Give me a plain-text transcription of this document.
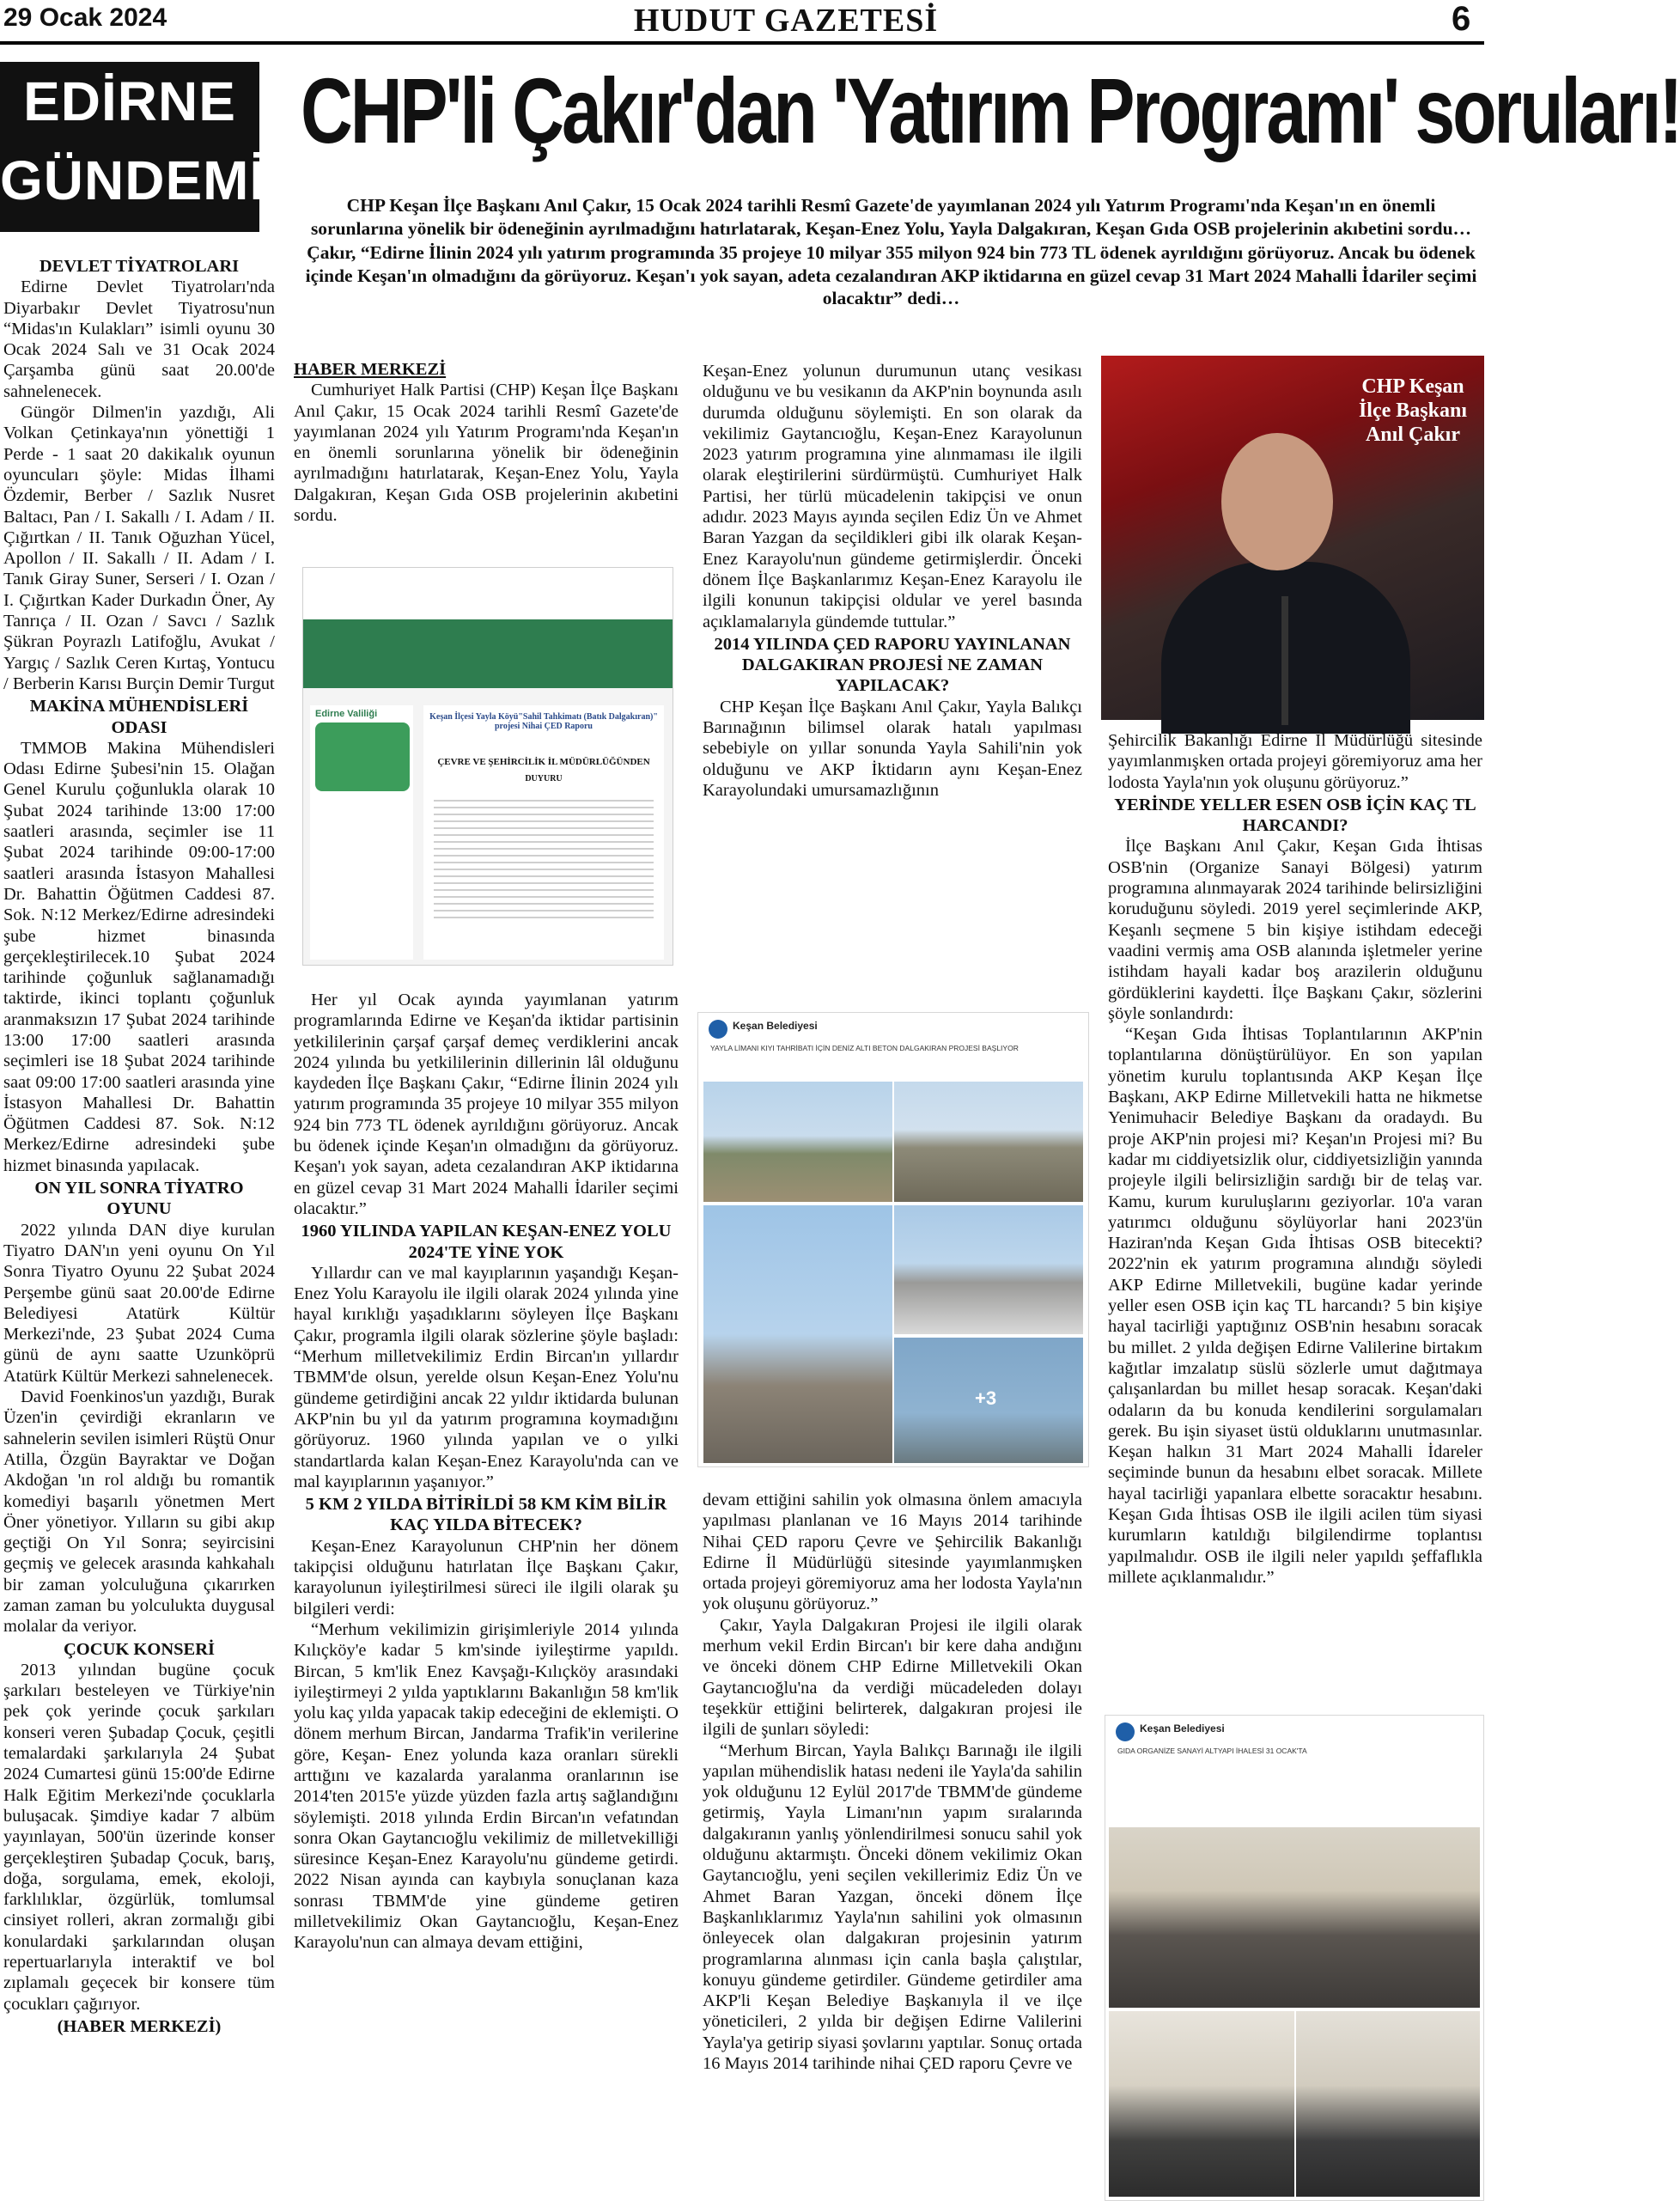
29 Ocak 2024	HUDUT GAZETESİ	6
EDİRNE
GÜNDEMİ
CHP'li Çakır'dan 'Yatırım Programı' soruları!

CHP Keşan İlçe Başkanı Anıl Çakır, 15 Ocak 2024 tarihli Resmî Gazete'de yayımlanan 2024 yılı Yatırım Programı'nda Keşan'ın en önemli sorunlarına yönelik bir ödeneğinin ayrılmadığını hatırlatarak, Keşan-Enez Yolu, Yayla Dalgakıran, Keşan Gıda OSB projelerinin akıbetini sordu…

Çakır, “Edirne İlinin 2024 yılı yatırım programında 35 projeye 10 milyar 355 milyon 924 bin 773 TL ödenek ayrıldığını görüyoruz. Ancak bu ödenek içinde Keşan'ın olmadığını da görüyoruz. Keşan'ı yok sayan, adeta cezalandıran AKP iktidarına en güzel cevap 31 Mart 2024 Mahalli İdariler seçimi olacaktır” dedi…

DEVLET TİYATROLARI

Edirne Devlet Tiyatroları'nda Diyarbakır Devlet Tiyatrosu'nun “Midas'ın Kulakları” isimli oyunu 30 Ocak 2024 Salı ve 31 Ocak 2024 Çarşamba günü saat 20.00'de sahnelenecek.

Güngör Dilmen'in yazdığı, Ali Volkan Çetinkaya'nın yönettiği 1 Perde - 1 saat 20 dakikalık oyunun oyuncuları şöyle: Midas İlhami Özdemir, Berber / Sazlık Nusret Baltacı, Pan / I. Sakallı / I. Adam / II. Çığırtkan / II. Tanık Oğuzhan Yücel, Apollon / II. Sakallı / II. Adam / I. Tanık Giray Suner, Serseri / I. Ozan / I. Çığırtkan Kader Durkadın Öner, Ay Tanrıça / II. Ozan / Savcı / Sazlık Şükran Poyrazlı Latifoğlu, Avukat / Yargıç / Sazlık Ceren Kırtaş, Yontucu / Berberin Karısı Burçin Demir Turgut

MAKİNA MÜHENDİSLERİ ODASI

TMMOB Makina Mühendisleri Odası Edirne Şubesi'nin 15. Olağan Genel Kurulu çoğunlukla olarak 10 Şubat 2024 tarihinde 13:00 17:00 saatleri arasında, seçimler ise 11 Şubat 2024 tarihinde 09:00-17:00 saatleri arasında İstasyon Mahallesi Dr. Bahattin Öğütmen Caddesi 87. Sok. N:12 Merkez/Edirne adresindeki şube hizmet binasında gerçekleştirilecek.10 Şubat 2024 tarihinde çoğunluk sağlanamadığı taktirde, ikinci toplantı çoğunluk aranmaksızın 17 Şubat 2024 tarihinde 13:00 17:00 saatleri arasında seçimleri ise 18 Şubat 2024 tarihinde saat 09:00 17:00 saatleri arasında yine İstasyon Mahallesi Dr. Bahattin Öğütmen Caddesi 87. Sok. N:12 Merkez/Edirne adresindeki şube hizmet binasında yapılacak.

ON YIL SONRA TİYATRO OYUNU

2022 yılında DAN diye kurulan Tiyatro DAN'ın yeni oyunu On Yıl Sonra Tiyatro Oyunu 22 Şubat 2024 Perşembe günü saat 20.00'de Edirne Belediyesi Atatürk Kültür Merkezi'nde, 23 Şubat 2024 Cuma günü de aynı saatte Uzunköprü Atatürk Kültür Merkezi sahnelenecek.

David Foenkinos'un yazdığı, Burak Üzen'in çevirdiği ekranların ve sahnelerin sevilen isimleri Rüştü Onur Atilla, Özgün Bayraktar ve Doğan Akdoğan 'ın rol aldığı bu romantik komediyi başarılı yönetmen Mert Öner yönetiyor. Yılların su gibi akıp geçtiği On Yıl Sonra; seyircisini geçmiş ve gelecek arasında kahkahalı bir zaman yolculuğuna çıkarırken zaman zaman bu yolculukta duygusal molalar da veriyor.

ÇOCUK KONSERİ

2013 yılından bugüne çocuk şarkıları besteleyen ve Türkiye'nin pek çok yerinde çocuk şarkıları konseri veren Şubadap Çocuk, çeşitli temalardaki şarkılarıyla 24 Şubat 2024 Cumartesi günü 15:00'de Edirne Halk Eğitim Merkezi'nde çocuklarla buluşacak. Şimdiye kadar 7 albüm yayınlayan, 500'ün üzerinde konser gerçekleştiren Şubadap Çocuk, barış, doğa, sorgulama, emek, ekoloji, farklılıklar, özgürlük, tomlumsal cinsiyet rolleri, akran zormalığı gibi konulardaki şarkılarından oluşan repertuarlarıyla interaktif ve bol zıplamalı geçecek bir konsere tüm çocukları çağırıyor.

(HABER MERKEZİ)

HABER MERKEZİ

Cumhuriyet Halk Partisi (CHP) Keşan İlçe Başkanı Anıl Çakır, 15 Ocak 2024 tarihli Resmî Gazete'de yayımlanan 2024 yılı Yatırım Programı'nda Keşan'ın en önemli sorunlarına yönelik bir ödeneğinin ayrılmadığını hatırlatarak, Keşan-Enez Yolu, Yayla Dalgakıran, Keşan Gıda OSB projelerinin akıbetini sordu.

Edirne Valiliği	Keşan İlçesi Yayla Köyü"Sahil Tahkimatı (Batık Dalgakıran)" projesi Nihai ÇED Raporu
ÇEVRE VE ŞEHİRCİLİK İL MÜDÜRLÜĞÜNDEN
DUYURU

Her yıl Ocak ayında yayımlanan yatırım programlarında Edirne ve Keşan'da iktidar partisinin yetkililerinin çarşaf çarşaf demeç verdiklerini ancak 2024 yılında bu yetkililerinin dillerinin lâl olduğunu kaydeden İlçe Başkanı Çakır, “Edirne İlinin 2024 yılı yatırım programında 35 projeye 10 milyar 355 milyon 924 bin 773 TL ödenek ayrıldığını görüyoruz. Ancak bu ödenek içinde Keşan'ın olmadığını da görüyoruz. Keşan'ı yok sayan, adeta cezalandıran AKP iktidarına en güzel cevap 31 Mart 2024 Mahalli İdariler seçimi olacaktır.”

1960 YILINDA YAPILAN KEŞAN-ENEZ YOLU 2024'TE YİNE YOK

Yıllardır can ve mal kayıplarının yaşandığı Keşan-Enez Yolu Karayolu ile ilgili olarak 2024 yılında yine hayal kırıklığı yaşadıklarını söyleyen İlçe Başkanı Çakır, programla ilgili olarak sözlerine şöyle başladı: “Merhum milletvekilimiz Erdin Bircan'ın yıllardır TBMM'de olsun, yerelde olsun Keşan-Enez Yolu'nu gündeme getirdiğini ancak 22 yıldır iktidarda bulunan AKP'nin bu yıl da yatırım programına koymadığını görüyoruz. 1960 yılında yapılan ve o yılki standartlarda kalan Keşan-Enez Karayolu'nda can ve mal kayıplarının yaşanıyor.”

5 KM 2 YILDA BİTİRİLDİ 58 KM KİM BİLİR KAÇ YILDA BİTECEK?

Keşan-Enez Karayolunun CHP'nin her dönem takipçisi olduğunu hatırlatan İlçe Başkanı Çakır, karayolunun iyileştirilmesi süreci ile ilgili olarak şu bilgileri verdi:

“Merhum vekilimizin girişimleriyle 2014 yılında Kılıçköy'e kadar 5 km'sinde iyileştirme yapıldı. Bircan, 5 km'lik Enez Kavşağı-Kılıçköy arasındaki iyileştirmeyi 2 yılda yaptıklarını Bakanlığın 58 km'lik yolu kaç yılda yapacak takip edeceğini de eklemişti. O dönem merhum Bircan, Jandarma Trafik'in verilerine göre, Keşan- Enez yolunda kaza oranları sürekli arttığını ve kazalarda yaralanma oranlarının ise 2014'ten 2015'e yüzde yüzden fazla artış sağlandığını söylemişti. 2018 yılında Erdin Bircan'ın vefatından sonra Okan Gaytancıoğlu vekilimiz de milletvekilliği süresince Keşan-Enez Karayolu'nu gündeme getirdi. 2022 Nisan ayında can kaybıyla sonuçlanan kaza sonrası TBMM'de yine gündeme getiren milletvekilimiz Okan Gaytancıoğlu, Keşan-Enez Karayolu'nun can almaya devam ettiğini,

Keşan-Enez yolunun durumunun utanç vesikası olduğunu ve bu vesikanın da AKP'nin boynunda asılı durumda olduğunu söylemişti. En son olarak da vekilimiz Gaytancıoğlu, Keşan-Enez Karayolunun 2023 yatırım programına yine alınmaması ile ilgili olarak eleştirilerini sürdürmüştü. Cumhuriyet Halk Partisi, her türlü mücadelenin takipçisi ve onun adıdır. 2023 Mayıs ayında seçilen Ediz Ün ve Ahmet Baran Yazgan da seçildikleri gibi ilk olarak Keşan-Enez Karayolu'nun gündeme getirmişlerdir. Önceki dönem İlçe Başkanlarımız Keşan-Enez Karayolu ile ilgili konunun takipçisi oldular ve yerel basında açıklamalarıyla gündemde tuttular.”

2014 YILINDA ÇED RAPORU YAYINLANAN DALGAKIRAN PROJESİ NE ZAMAN YAPILACAK?

CHP Keşan İlçe Başkanı Anıl Çakır, Yayla Balıkçı Barınağının bilimsel olarak hatalı yapılması sebebiyle on yıllar sonunda Yayla Sahili'nin yok olduğunu ve AKP İktidarın aynı Keşan-Enez Karayolundaki umursamazlığının

Keşan Belediyesi
YAYLA LİMANI KIYI TAHRİBATI İÇİN DENİZ ALTI BETON DALGAKIRAN PROJESİ BAŞLIYOR
+3

devam ettiğini sahilin yok olmasına önlem amacıyla yapılması planlanan ve 16 Mayıs 2014 tarihinde Nihai ÇED raporu Çevre ve Şehircilik Bakanlığı Edirne İl Müdürlüğü sitesinde yayımlanmışken ortada projeyi göremiyoruz ama her lodosta Yayla'nın yok oluşunu görüyoruz.”

Çakır, Yayla Dalgakıran Projesi ile ilgili olarak merhum vekil Erdin Bircan'ı bir kere daha andığını ve önceki dönem CHP Edirne Milletvekili Okan Gaytancıoğlu'na da verdiği mücadeleden dolayı teşekkür ettiğini belirterek, dalgakıran projesi ile ilgili de şunları söyledi:

“Merhum Bircan, Yayla Balıkçı Barınağı ile ilgili yapılan mühendislik hatası nedeni ile Yayla'da sahilin yok olduğunu 12 Eylül 2017'de TBMM'de gündeme getirmiş, Yayla Limanı'nın yapım sıralarında dalgakıranın yanlış yönlendirilmesi sonucu sahil yok olduğunu aktarmıştı. Önceki dönem vekilimiz Okan Gaytancıoğlu, yeni seçilen vekillerimiz Ediz Ün ve Ahmet Baran Yazgan, önceki dönem İlçe Başkanlıklarımız Yayla'nın sahilini yok olmasının önleyecek olan dalgakıran projesinin yatırım programlarına alınması için canla başla çalıştılar, konuyu gündeme getirdiler. Gündeme getirdiler ama AKP'li Keşan Belediye Başkanıyla il ve ilçe yöneticileri, 2 yılda bir değişen Edirne Valilerini Yayla'ya getirip siyasi şovlarını yaptılar. Sonuç ortada 16 Mayıs 2014 tarihinde nihai ÇED raporu Çevre ve

CHP Keşan
İlçe Başkanı
Anıl Çakır

Şehircilik Bakanlığı Edirne İl Müdürlüğü sitesinde yayımlanmışken ortada projeyi göremiyoruz ama her lodosta Yayla'nın yok oluşunu görüyoruz.”

YERİNDE YELLER ESEN OSB İÇİN KAÇ TL HARCANDI?

İlçe Başkanı Anıl Çakır, Keşan Gıda İhtisas OSB'nin (Organize Sanayi Bölgesi) yatırım programına alınmayarak 2024 tarihinde belirsizliğini koruduğunu söyledi. 2019 yerel seçimlerinde AKP, Keşanlı seçmene 5 bin kişiye istihdam edeceği vaadini vermiş ama OSB alanında işletmeler yerine istihdam hayali kadar boş arazilerin olduğunu gördüklerini kaydetti. İlçe Başkanı Çakır, sözlerini şöyle sonlandırdı:

“Keşan Gıda İhtisas Toplantılarının AKP'nin toplantılarına dönüştürülüyor. En son yapılan yönetim kurulu toplantısında AKP Keşan İlçe Başkanı, AKP Edirne Milletvekili hatta ne hikmetse Yenimuhacir Belediye Başkanı da oradaydı. Bu proje AKP'nin projesi mi? Keşan'ın Projesi mi? Bu kadar mı ciddiyetsizlik olur, ciddiyetsizliğin yanında projeyle ilgili belirsizliğin sardığı bir de telaş var. Kamu, kurum kuruluşlarını geziyorlar. 10'a varan yatırımcı olduğunu söylüyorlar hani 2023'ün Haziran'nda Keşan Gıda İhtisas OSB bitecekti? 2022'nin ek yatırım programına alındığı söyledi AKP Edirne Milletvekili, bugüne kadar yerinde yeller esen OSB için kaç TL harcandı? 5 bin kişiye hayal tacirliği yaptığınız OSB'nin hesabını soracak bu millet. 2 yılda değişen Edirne Valilerine birtakım kağıtlar imzalatıp süslü sözlerle umut dağıtmaya çalışanlardan bu millet hesap soracak. Keşan'daki odaların da bu konuda kendilerini sorgulamaları gerek. Bu işin siyaset üstü olduklarını unutmasınlar. Keşan halkın 31 Mart 2024 Mahalli İdareler seçiminde bunun da hesabını elbet soracak. Millete hayal tacirliği yapanlara elbette soracaktır hesabını. Keşan Gıda İhtisas OSB ile ilgili acilen tüm siyasi kurumların katıldığı bilgilendirme toplantısı yapılmalıdır. OSB ile ilgili neler yapıldı şeffaflıkla millete açıklanmalıdır.”

Keşan Belediyesi
GIDA ORGANİZE SANAYİ ALTYAPI İHALESİ 31 OCAK'TA
